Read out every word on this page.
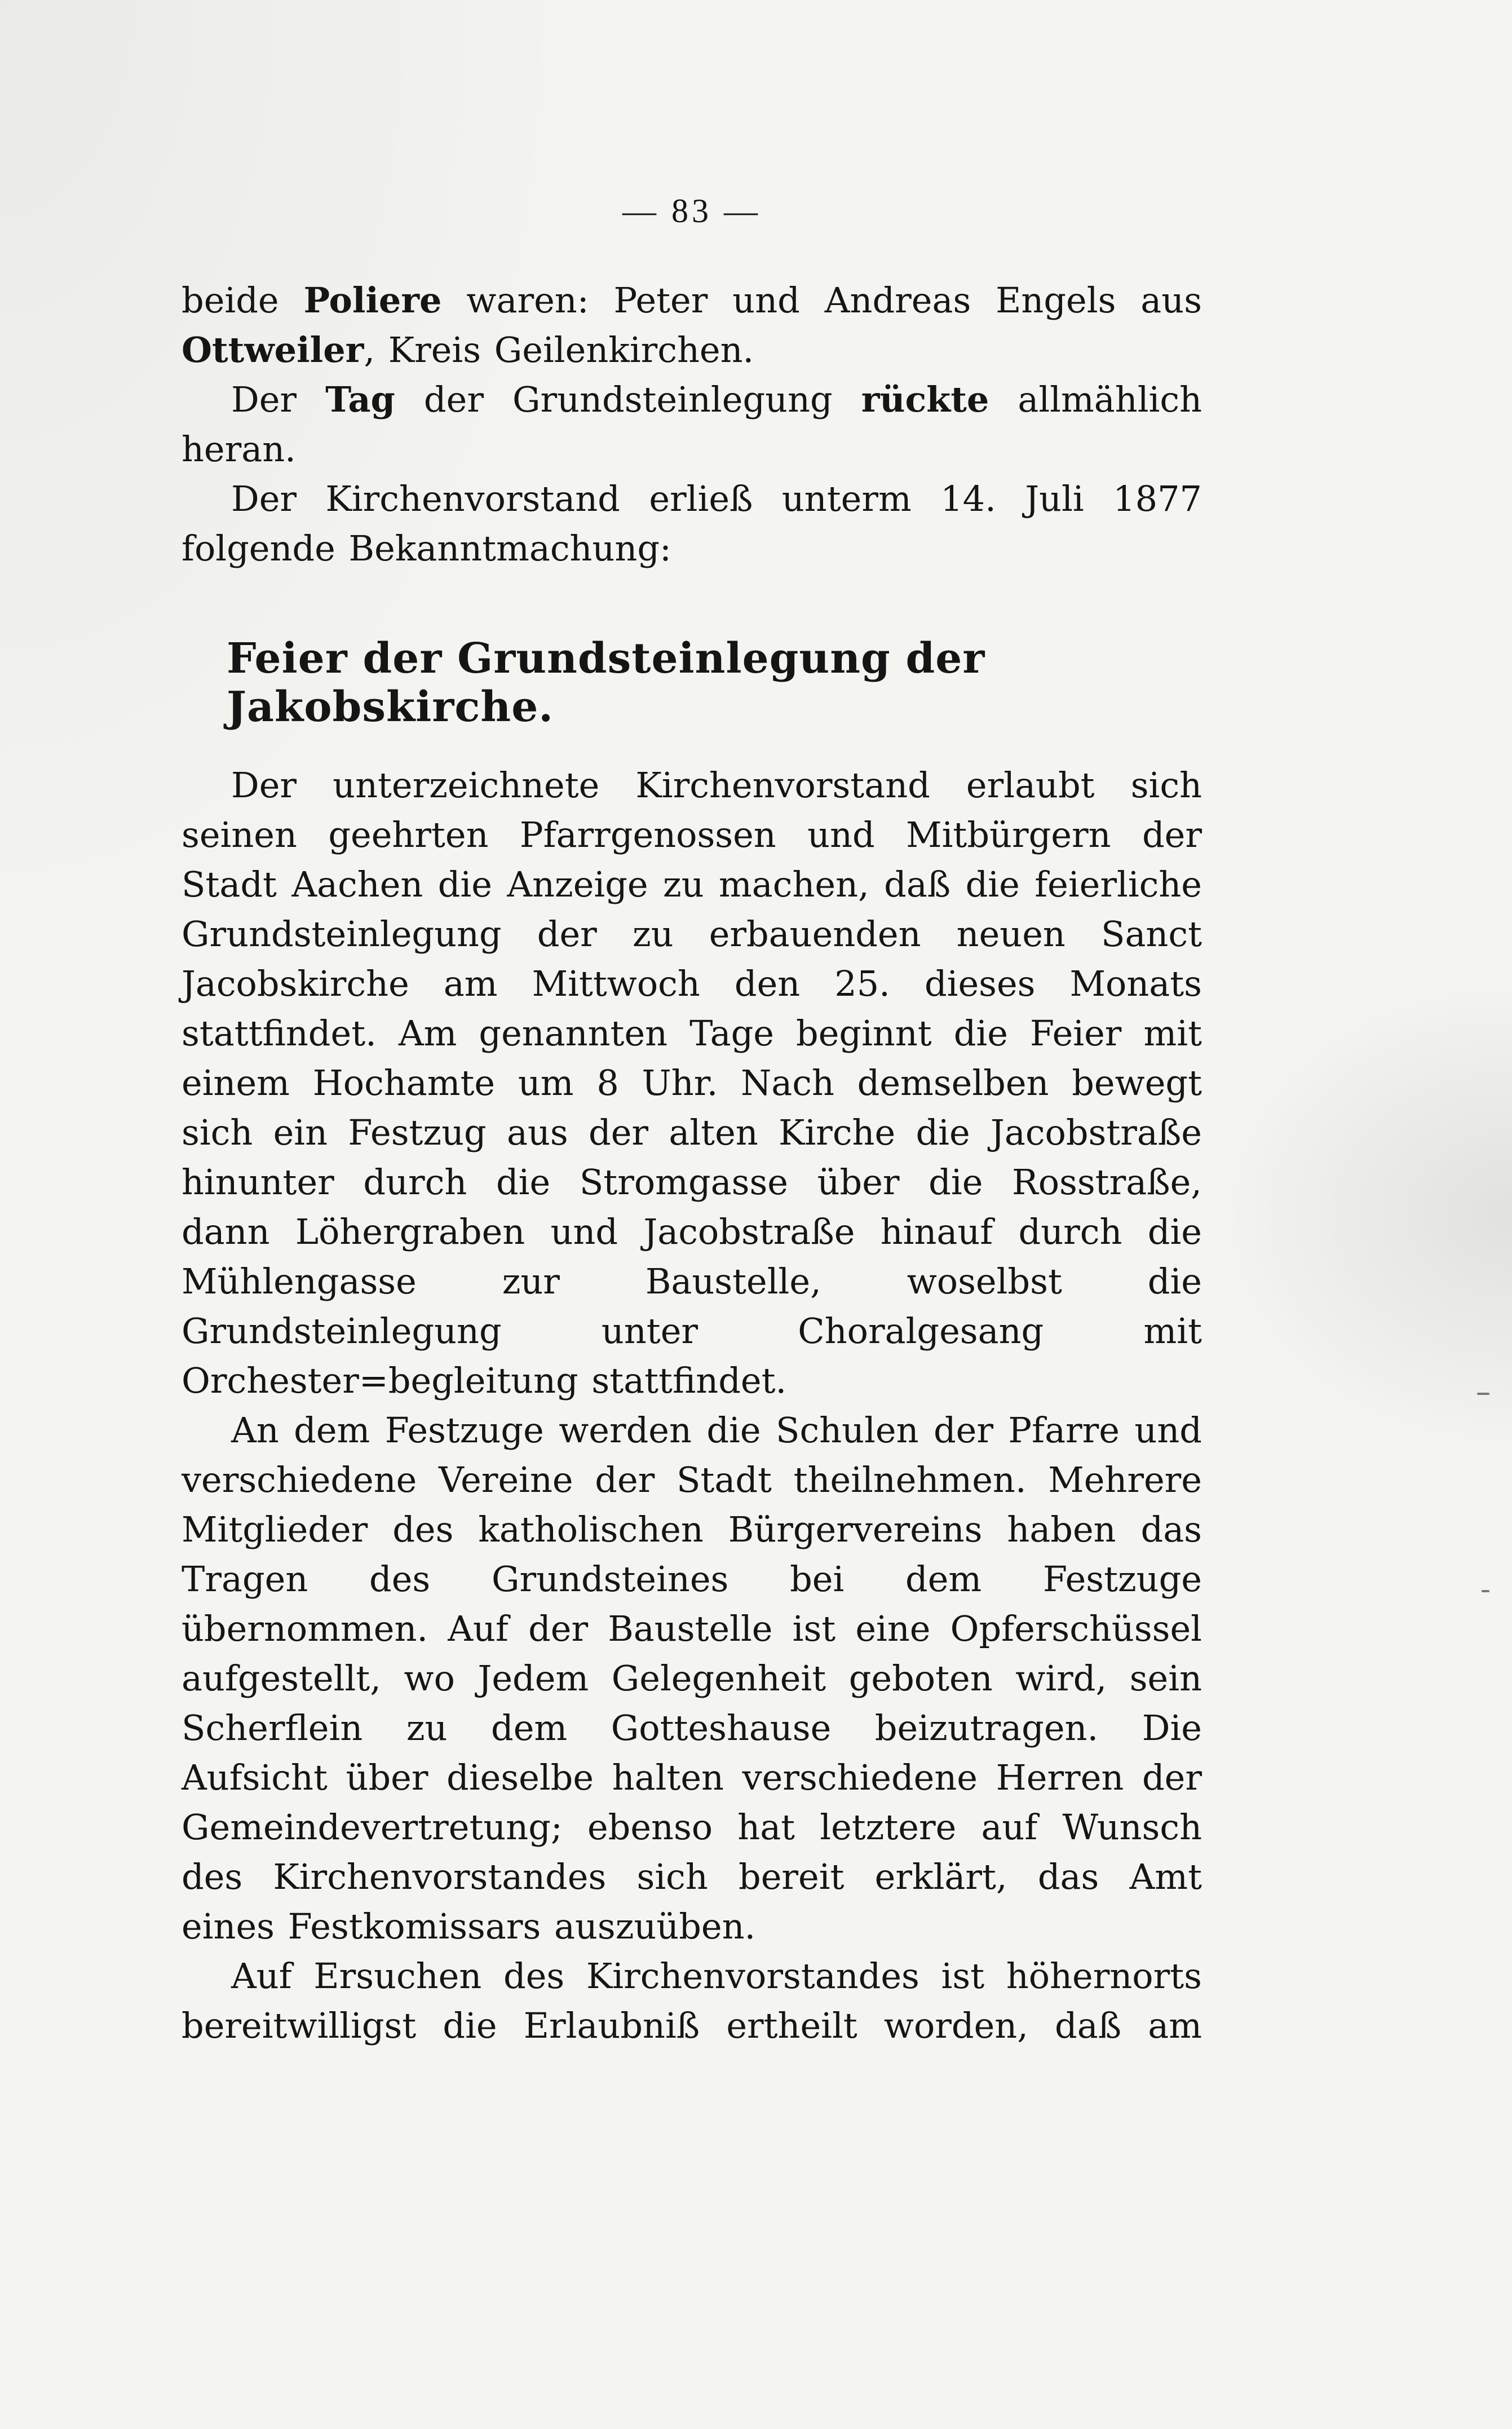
— 83 —

beide Poliere waren: Peter und Andreas Engels aus Ottweiler, Kreis Geilenkirchen.

Der Tag der Grundsteinlegung rückte allmählich heran.

Der Kirchenvorstand erließ unterm 14. Juli 1877 folgende Bekanntmachung:

Feier der Grundsteinlegung der Jakobskirche.

Der unterzeichnete Kirchenvorstand erlaubt sich seinen geehrten Pfarrgenossen und Mitbürgern der Stadt Aachen die Anzeige zu machen, daß die feierliche Grundsteinlegung der zu erbauenden neuen Sanct Jacobskirche am Mittwoch den 25. dieses Monats stattfindet. Am genannten Tage beginnt die Feier mit einem Hochamte um 8 Uhr. Nach demselben bewegt sich ein Festzug aus der alten Kirche die Jacobstraße hinunter durch die Stromgasse über die Rosstraße, dann Löhergraben und Jacobstraße hinauf durch die Mühlengasse zur Baustelle, woselbst die Grundsteinlegung unter Choralgesang mit Orchester=begleitung stattfindet.

An dem Festzuge werden die Schulen der Pfarre und verschiedene Vereine der Stadt theilnehmen. Mehrere Mitglieder des katholischen Bürgervereins haben das Tragen des Grundsteines bei dem Festzuge übernommen. Auf der Baustelle ist eine Opferschüssel aufgestellt, wo Jedem Gelegenheit geboten wird, sein Scherflein zu dem Gotteshause beizutragen. Die Aufsicht über dieselbe halten verschiedene Herren der Gemeindevertretung; ebenso hat letztere auf Wunsch des Kirchenvorstandes sich bereit erklärt, das Amt eines Festkomissars auszuüben.

Auf Ersuchen des Kirchenvorstandes ist höhernorts bereitwilligst die Erlaubniß ertheilt worden, daß am
